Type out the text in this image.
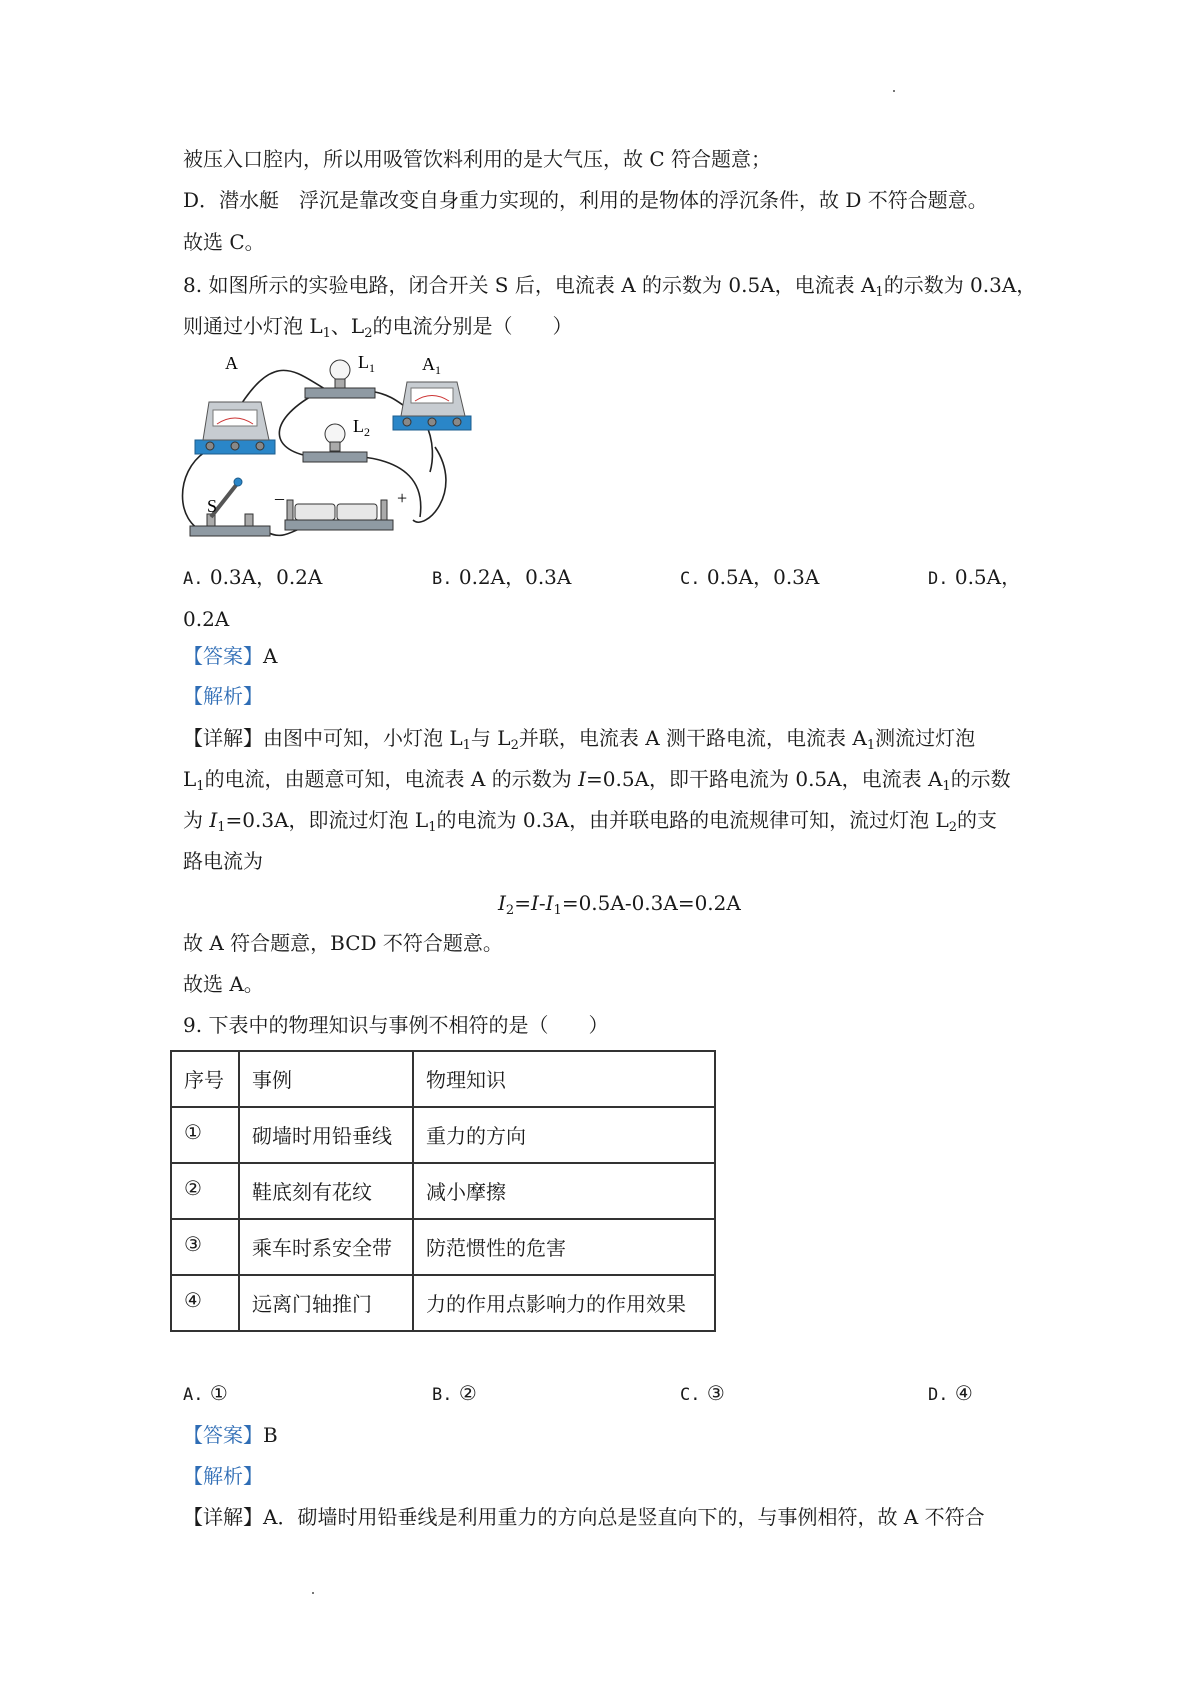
被压入口腔内，所以用吸管饮料利用的是大气压，故 C 符合题意；
D．潜水艇　浮沉是靠改变自身重力实现的，利用的是物体的浮沉条件，故 D 不符合题意。
故选 C。
8. 如图所示的实验电路，闭合开关 S 后，电流表 A 的示数为 0.5A，电流表 $A_1$的示数为 0.3A，
则通过小灯泡 $L_1$、$L_2$的电流分别是（　　）
A	$L_1$
$L_2$
$A_1$
S	–	+
A. 0.3A，0.2A	B. 0.2A，0.3A	C. 0.5A，0.3A	D. 0.5A，
0.2A
【答案】A
【解析】
【详解】由图中可知，小灯泡 $L_1$与 $L_2$并联，电流表 A 测干路电流，电流表 $A_1$测流过灯泡
$L_1$的电流，由题意可知，电流表 A 的示数为 I=0.5A，即干路电流为 0.5A，电流表 $A_1$的示数
为 $I_1=0.3A$，即流过灯泡 $L_1$的电流为 0.3A，由并联电路的电流规律可知，流过灯泡 $L_2$的支
路电流为
$I_2=I-I_1=0.5A-0.3A=0.2A$
故 A 符合题意，BCD 不符合题意。
故选 A。
9. 下表中的物理知识与事例不相符的是（　　）
序号	事例	物理知识
①	砌墙时用铅垂线	重力的方向
②	鞋底刻有花纹	减小摩擦
③	乘车时系安全带	防范惯性的危害
④	远离门轴推门	力的作用点影响力的作用效果
A. ①	B. ②	C. ③	D. ④
【答案】B
【解析】
【详解】A．砌墙时用铅垂线是利用重力的方向总是竖直向下的，与事例相符，故 A 不符合
